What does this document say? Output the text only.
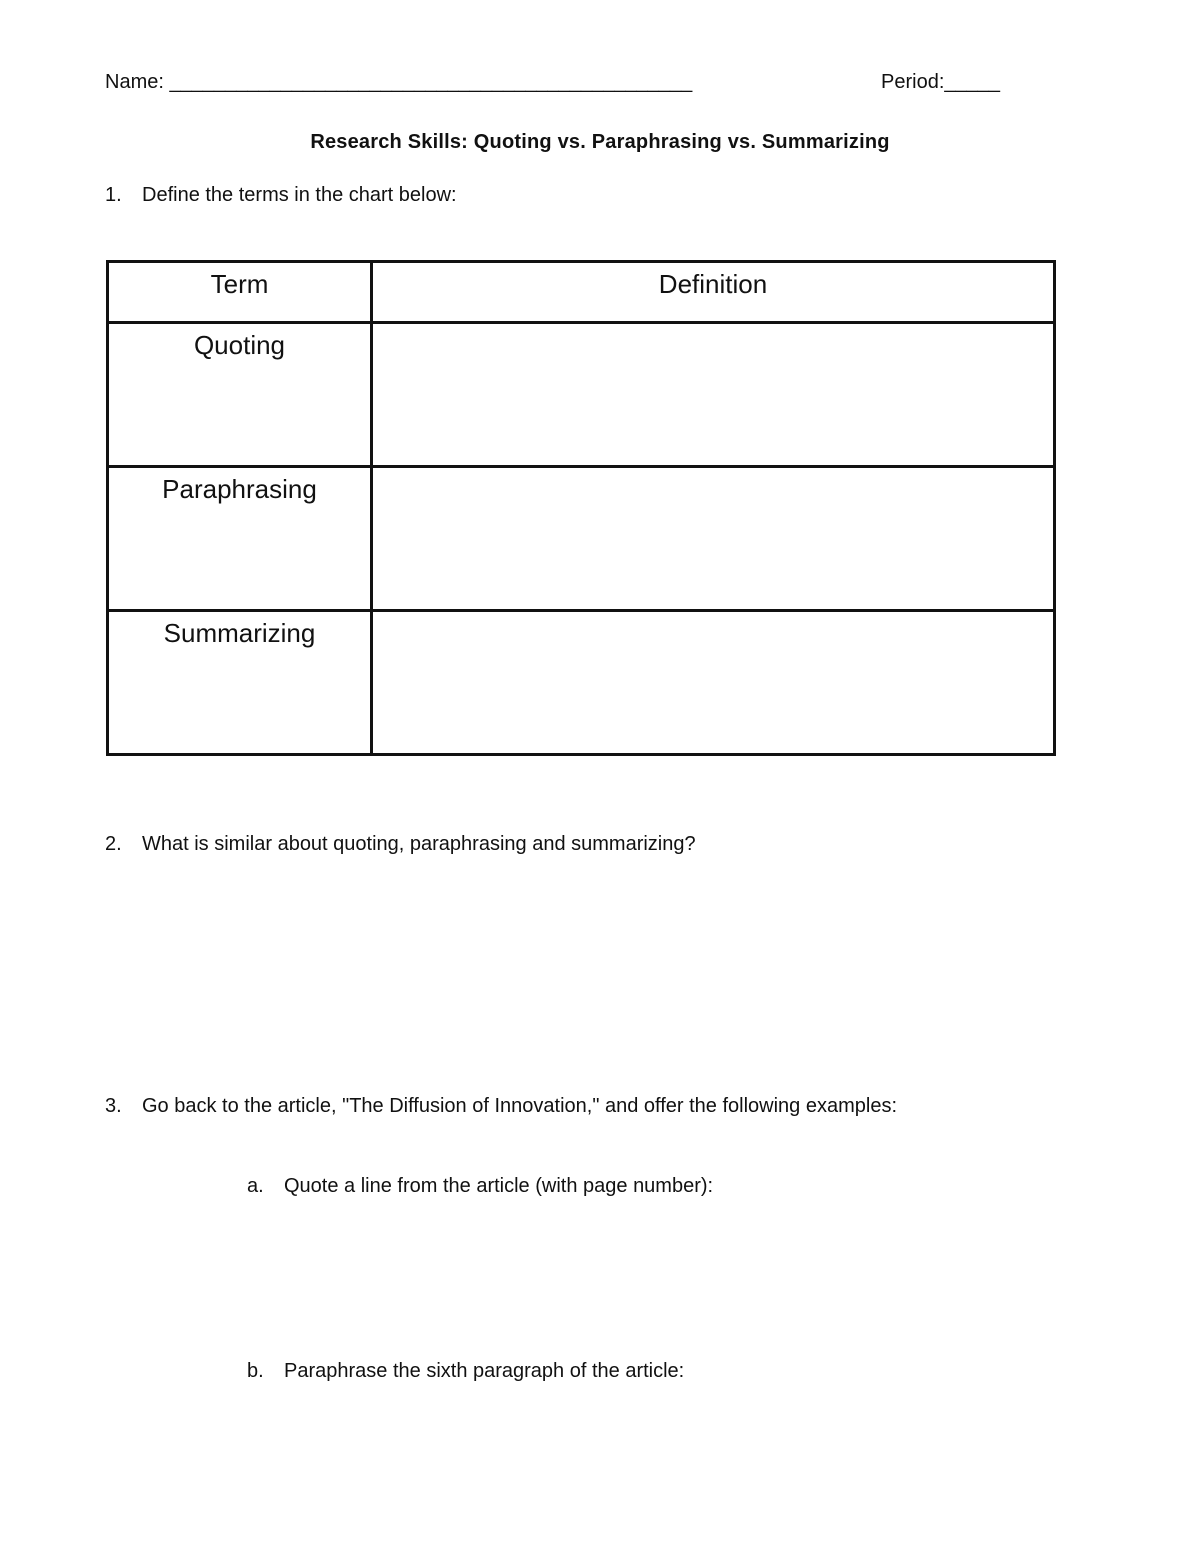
Name: _______________________________________________	Period:_____
Research Skills: Quoting vs. Paraphrasing vs. Summarizing
1. Define the terms in the chart below:
Term	Definition
Quoting	
Paraphrasing	
Summarizing	
2. What is similar about quoting, paraphrasing and summarizing?
3. Go back to the article, "The Diffusion of Innovation," and offer the following examples:
a. Quote a line from the article (with page number):
b. Paraphrase the sixth paragraph of the article:
